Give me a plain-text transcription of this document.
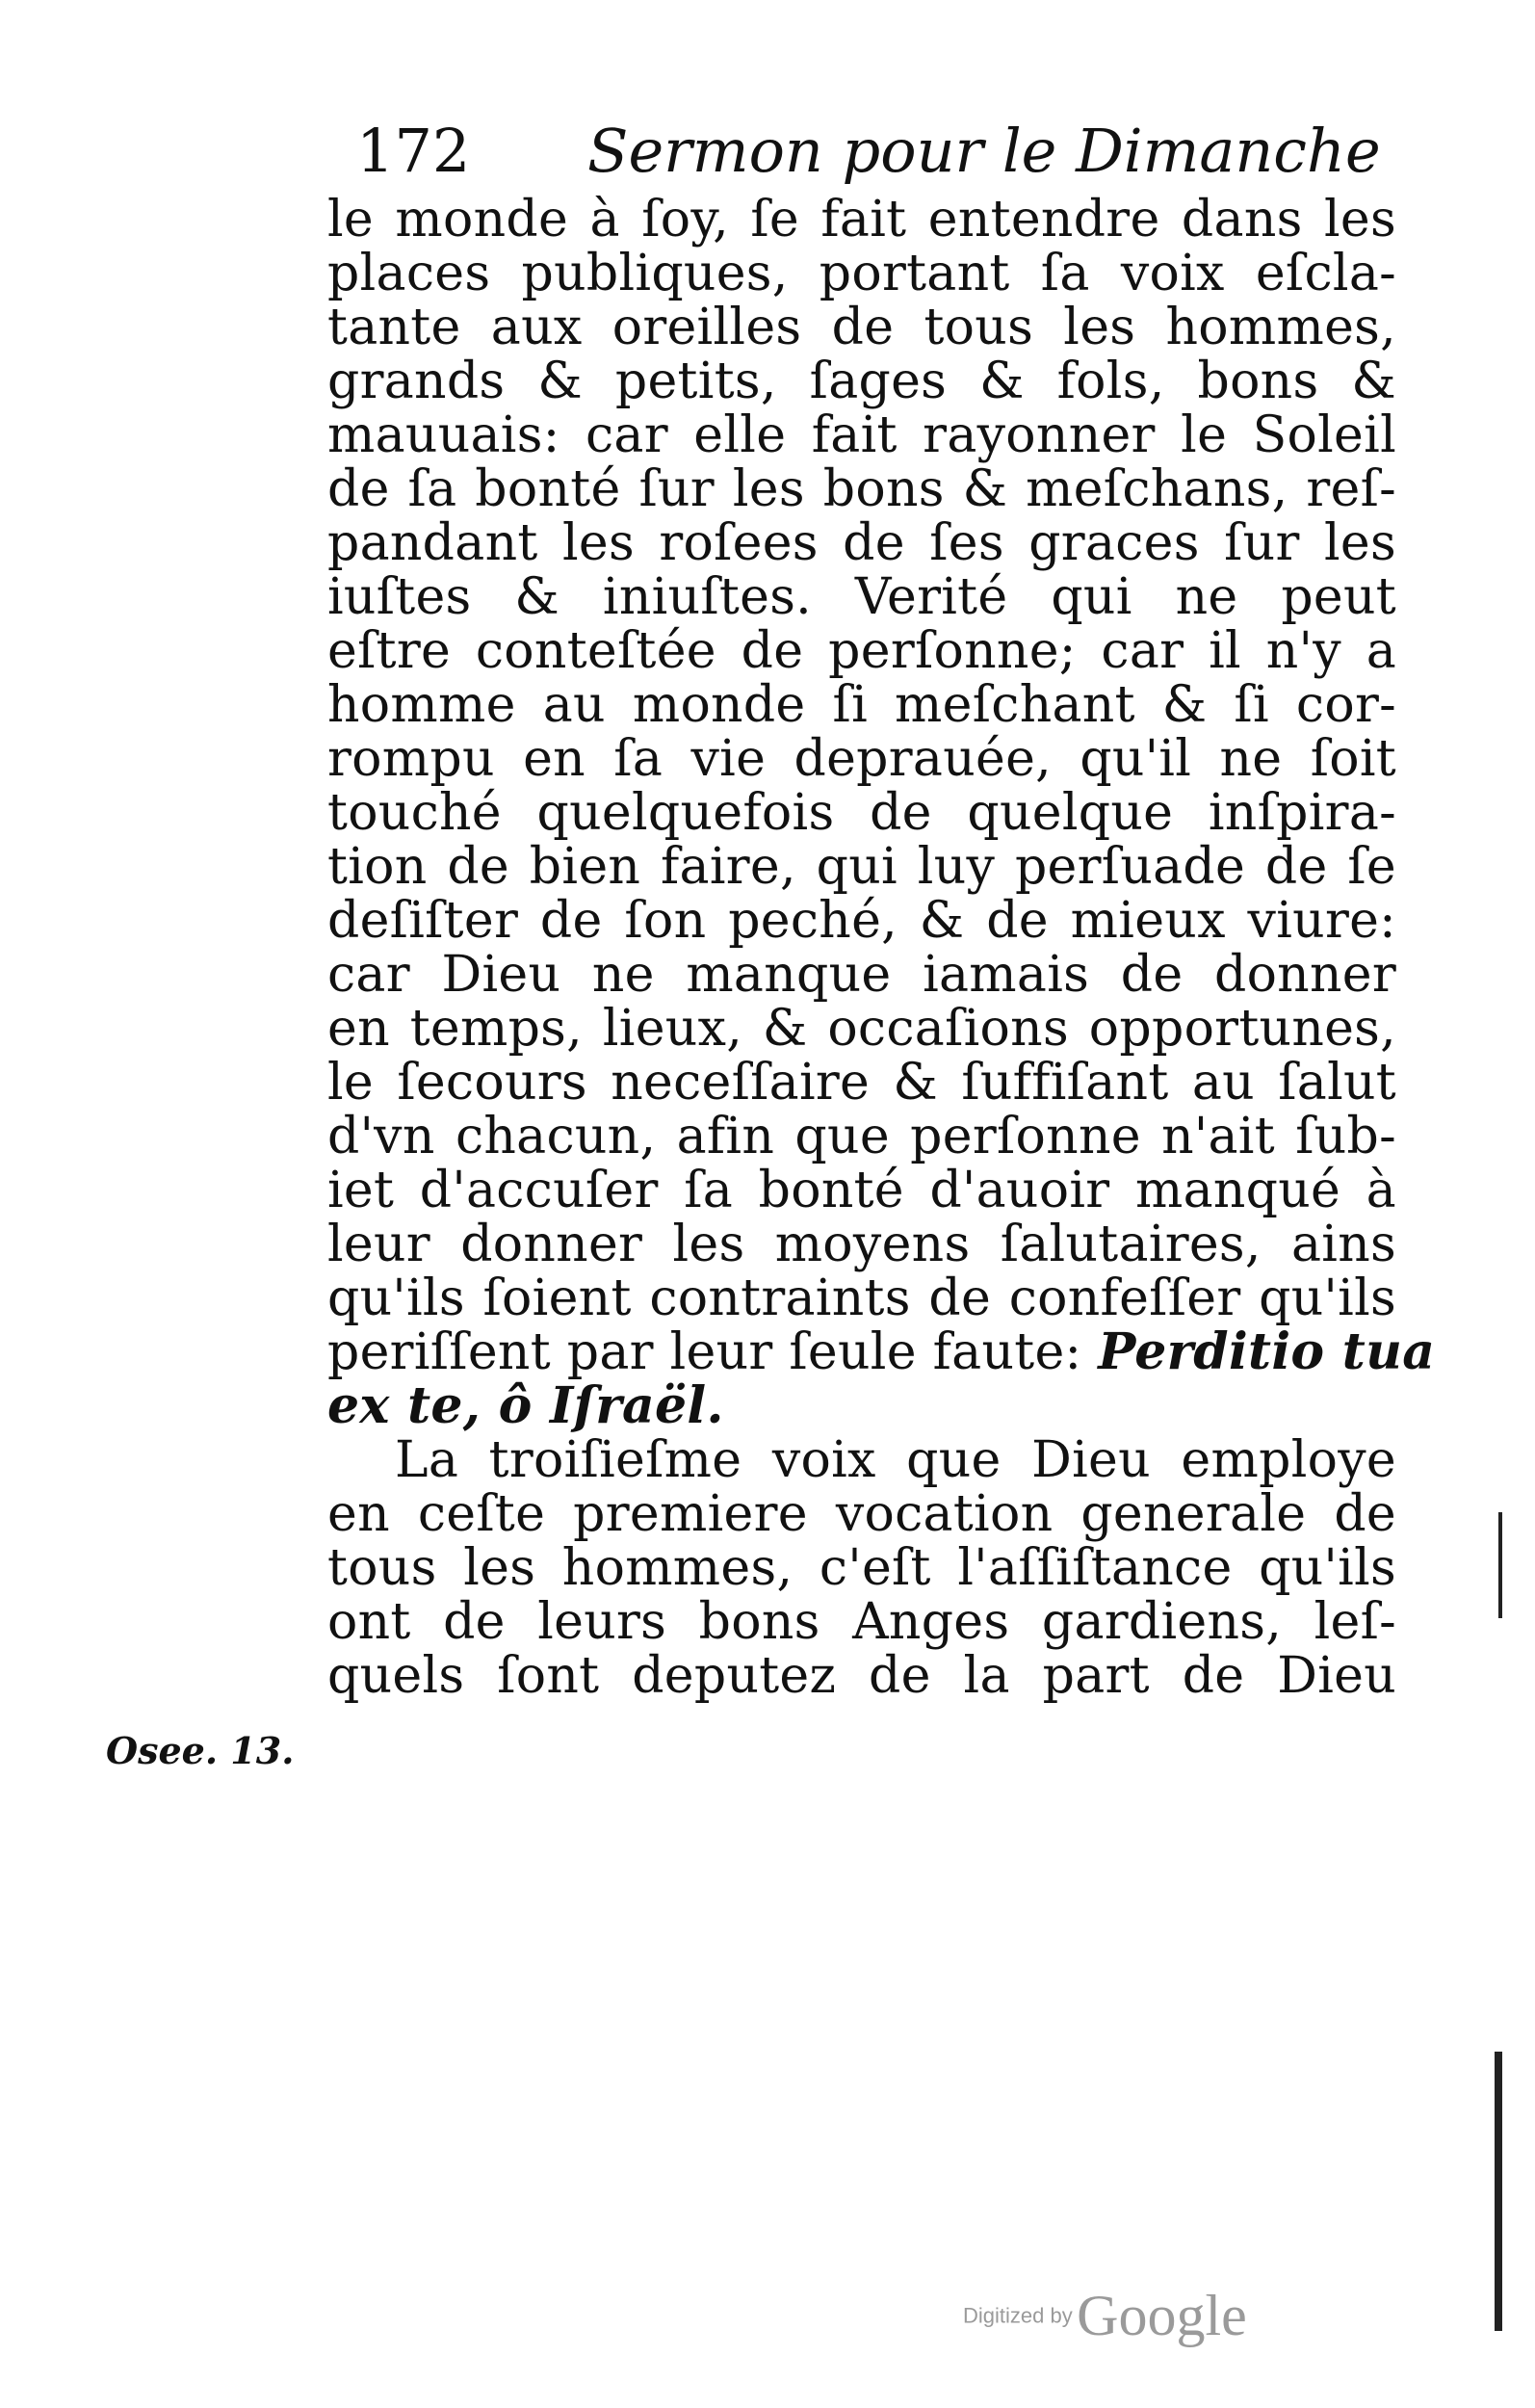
172 Sermon pour le Dimanche
Osee. 13.
le monde à ſoy, ſe fait entendre dans les
places publiques, portant ſa voix eſcla-
tante aux oreilles de tous les hommes,
grands & petits, ſages & fols, bons &
mauuais: car elle fait rayonner le Soleil
de ſa bonté ſur les bons & meſchans, reſ-
pandant les roſees de ſes graces ſur les
iuſtes & iniuſtes. Verité qui ne peut
eſtre conteſtée de perſonne; car il n'y a
homme au monde ſi meſchant & ſi cor-
rompu en ſa vie deprauée, qu'il ne ſoit
touché quelquefois de quelque inſpira-
tion de bien faire, qui luy perſuade de ſe
deſiſter de ſon peché, & de mieux viure:
car Dieu ne manque iamais de donner
en temps, lieux, & occaſions opportunes,
le ſecours neceſſaire & ſuffiſant au ſalut
d'vn chacun, afin que perſonne n'ait ſub-
iet d'accuſer ſa bonté d'auoir manqué à
leur donner les moyens ſalutaires, ains
qu'ils ſoient contraints de confeſſer qu'ils
periſſent par leur ſeule faute: Perditio tua
ex te, ô Iſraël.
La troiſieſme voix que Dieu employe
en ceſte premiere vocation generale de
tous les hommes, c'eſt l'aſſiſtance qu'ils
ont de leurs bons Anges gardiens, leſ-
quels ſont deputez de la part de Dieu
Digitized by Google
